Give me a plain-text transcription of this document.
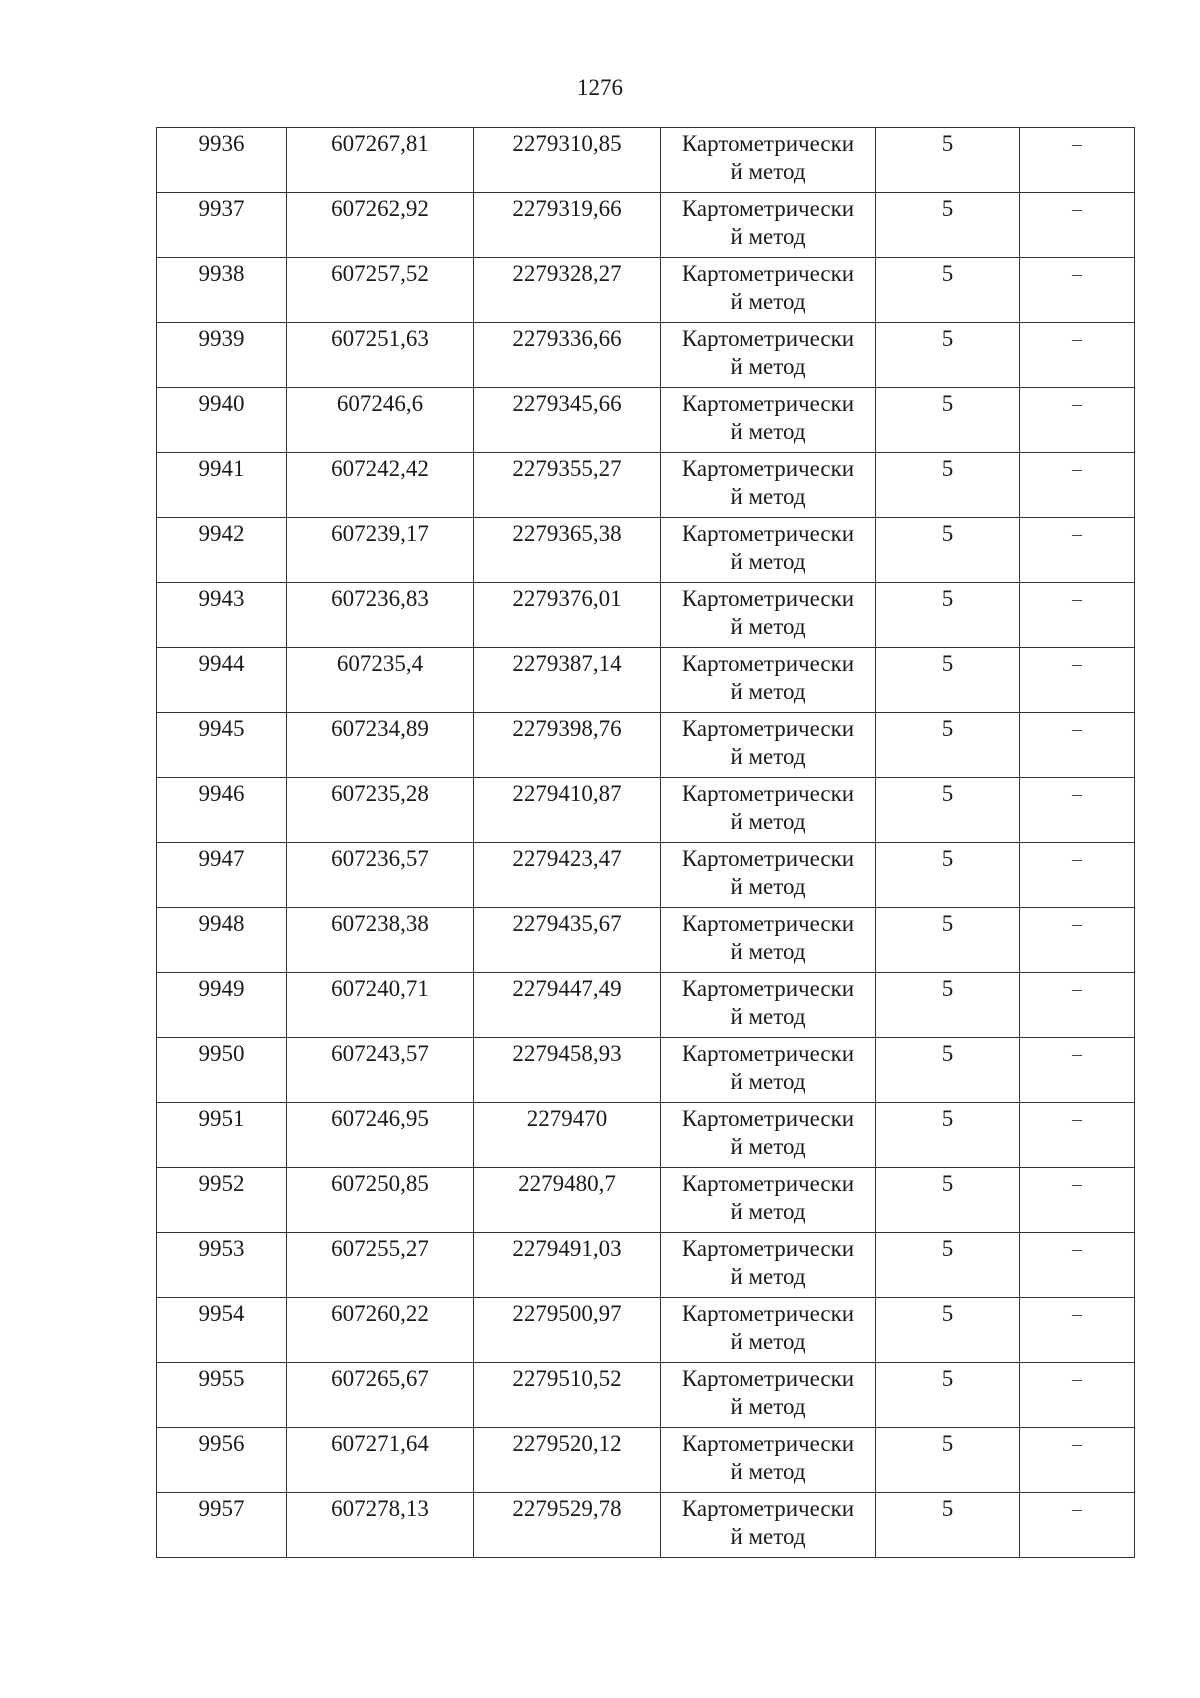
1276
9936	607267,81	2279310,85	Картометрически
й метод	5	–

9937	607262,92	2279319,66	Картометрически
й метод	5	–

9938	607257,52	2279328,27	Картометрически
й метод	5	–

9939	607251,63	2279336,66	Картометрически
й метод	5	–

9940	607246,6	2279345,66	Картометрически
й метод	5	–

9941	607242,42	2279355,27	Картометрически
й метод	5	–

9942	607239,17	2279365,38	Картометрически
й метод	5	–

9943	607236,83	2279376,01	Картометрически
й метод	5	–

9944	607235,4	2279387,14	Картометрически
й метод	5	–

9945	607234,89	2279398,76	Картометрически
й метод	5	–

9946	607235,28	2279410,87	Картометрически
й метод	5	–

9947	607236,57	2279423,47	Картометрически
й метод	5	–

9948	607238,38	2279435,67	Картометрически
й метод	5	–

9949	607240,71	2279447,49	Картометрически
й метод	5	–

9950	607243,57	2279458,93	Картометрически
й метод	5	–

9951	607246,95	2279470	Картометрически
й метод	5	–

9952	607250,85	2279480,7	Картометрически
й метод	5	–

9953	607255,27	2279491,03	Картометрически
й метод	5	–

9954	607260,22	2279500,97	Картометрически
й метод	5	–

9955	607265,67	2279510,52	Картометрически
й метод	5	–

9956	607271,64	2279520,12	Картометрически
й метод	5	–

9957	607278,13	2279529,78	Картометрически
й метод	5	–
